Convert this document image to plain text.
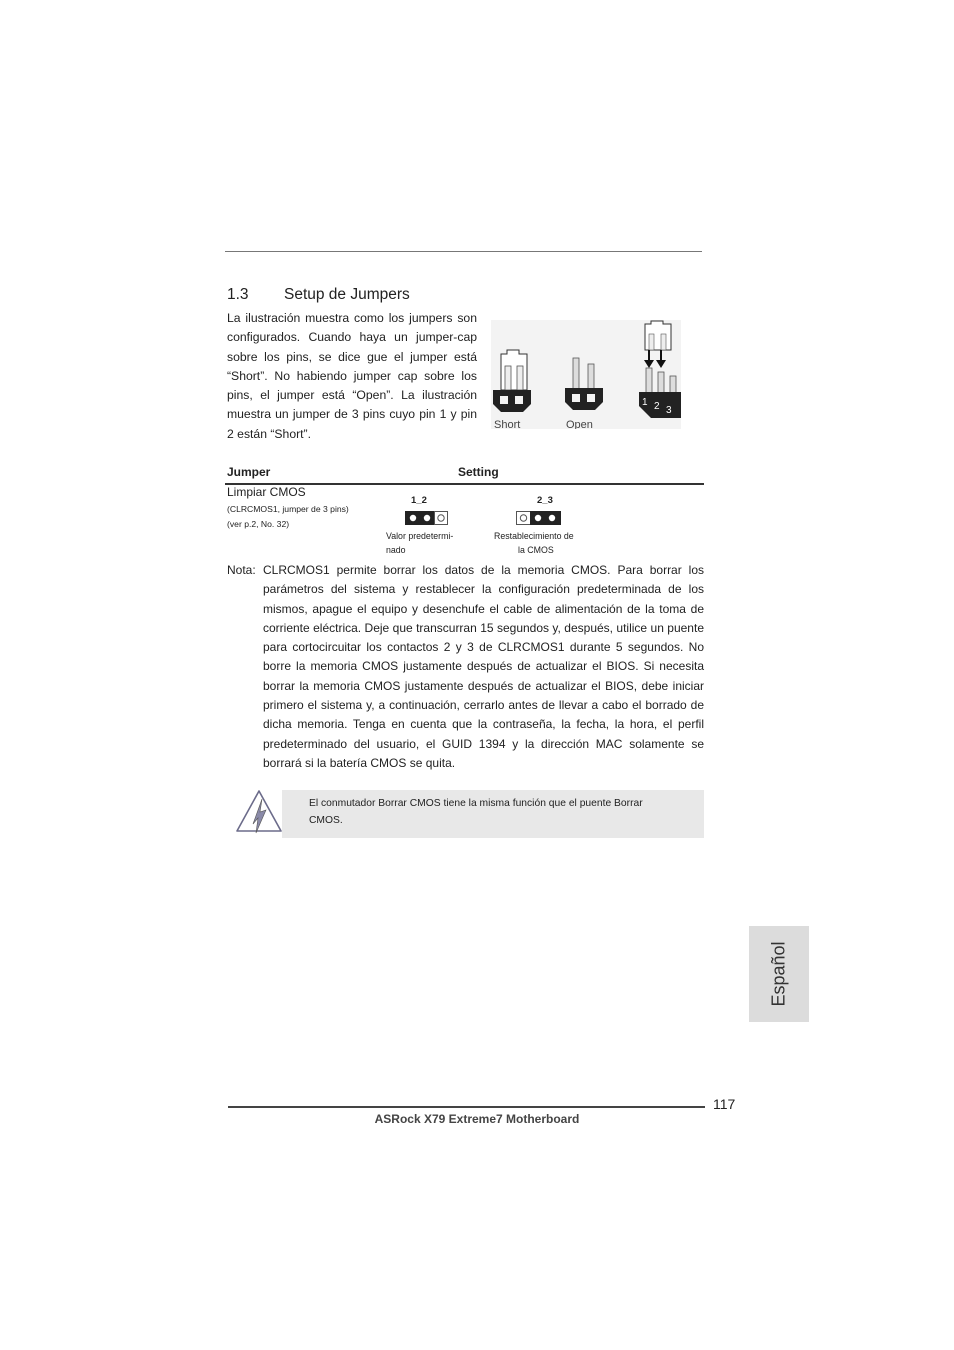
1.3 Setup de Jumpers
La ilustración muestra como los jumpers son configurados. Cuando haya un jumper-cap sobre los pins, se dice gue el jumper está “Short”. No habiendo jumper cap sobre los pins, el jumper está “Open”. La ilustración muestra un jumper de 3 pins cuyo pin 1 y pin 2 están “Short”.
1 2 3
Short	Open
Jumper	Setting
Limpiar CMOS
(CLRCMOS1, jumper de 3 pins)
(ver p.2, No. 32)
1_2
Valor predetermi-
nado
2_3
Restablecimiento de
la CMOS
Nota: CLRCMOS1 permite borrar los datos de la memoria CMOS. Para borrar los parámetros del sistema y restablecer la configuración predeterminada de los mismos, apague el equipo y desenchufe el cable de alimentación de la toma de corriente eléctrica. Deje que transcurran 15 segundos y, después, utilice un puente para cortocircuitar los contactos 2 y 3 de CLRCMOS1 durante 5 segundos. No borre la memoria CMOS justamente después de actualizar el BIOS. Si necesita borrar la memoria CMOS justamente después de actualizar el BIOS, debe iniciar primero el sistema y, a continuación, cerrarlo antes de llevar a cabo el borrado de dicha memoria. Tenga en cuenta que la contraseña, la fecha, la hora, el perfil predeterminado del usuario, el GUID 1394 y la dirección MAC solamente se borrará si la batería CMOS se quita.
El conmutador Borrar CMOS tiene la misma función que el puente Borrar CMOS.
Español
117
ASRock X79 Extreme7 Motherboard
